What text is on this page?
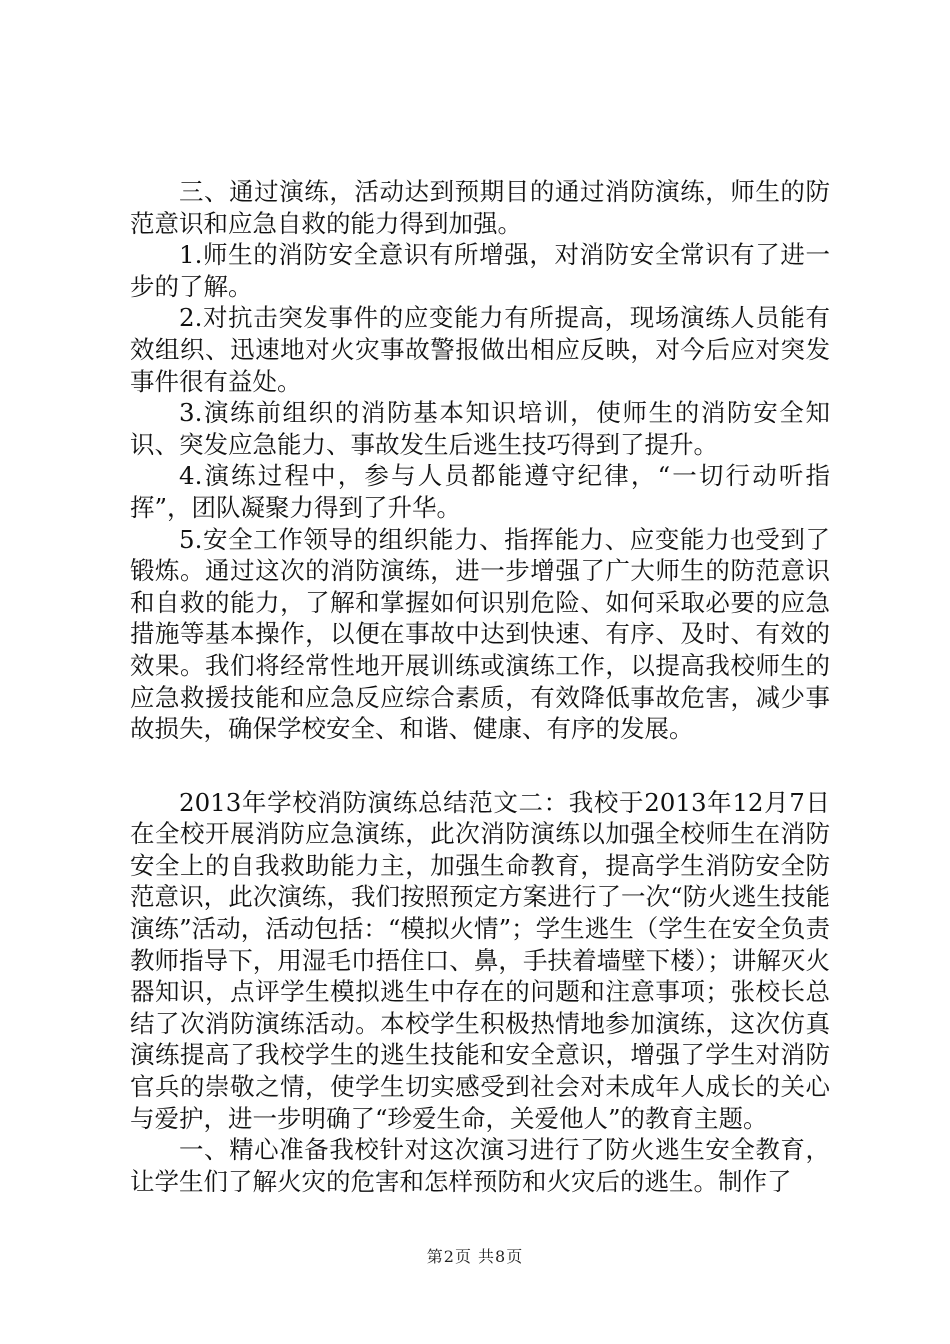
三、通过演练，活动达到预期目的通过消防演练，师生的防范意识和应急自救的能力得到加强。

1.师生的消防安全意识有所增强，对消防安全常识有了进一步的了解。

2.对抗击突发事件的应变能力有所提高，现场演练人员能有效组织、迅速地对火灾事故警报做出相应反映，对今后应对突发事件很有益处。

3.演练前组织的消防基本知识培训，使师生的消防安全知识、突发应急能力、事故发生后逃生技巧得到了提升。

4.演练过程中，参与人员都能遵守纪律，“一切行动听指挥”，团队凝聚力得到了升华。

5.安全工作领导的组织能力、指挥能力、应变能力也受到了锻炼。通过这次的消防演练，进一步增强了广大师生的防范意识和自救的能力，了解和掌握如何识别危险、如何采取必要的应急措施等基本操作，以便在事故中达到快速、有序、及时、有效的效果。我们将经常性地开展训练或演练工作，以提高我校师生的应急救援技能和应急反应综合素质，有效降低事故危害，减少事故损失，确保学校安全、和谐、健康、有序的发展。

2013年学校消防演练总结范文二：我校于2013年12月7日在全校开展消防应急演练，此次消防演练以加强全校师生在消防安全上的自我救助能力主，加强生命教育，提高学生消防安全防范意识，此次演练，我们按照预定方案进行了一次“防火逃生技能演练”活动，活动包括：“模拟火情”；学生逃生（学生在安全负责教师指导下，用湿毛巾捂住口、鼻，手扶着墙壁下楼）；讲解灭火器知识，点评学生模拟逃生中存在的问题和注意事项；张校长总结了次消防演练活动。本校学生积极热情地参加演练，这次仿真演练提高了我校学生的逃生技能和安全意识，增强了学生对消防官兵的崇敬之情，使学生切实感受到社会对未成年人成长的关心与爱护，进一步明确了“珍爱生命，关爱他人”的教育主题。

一、精心准备我校针对这次演习进行了防火逃生安全教育，让学生们了解火灾的危害和怎样预防和火灾后的逃生。制作了

第2页 共8页
